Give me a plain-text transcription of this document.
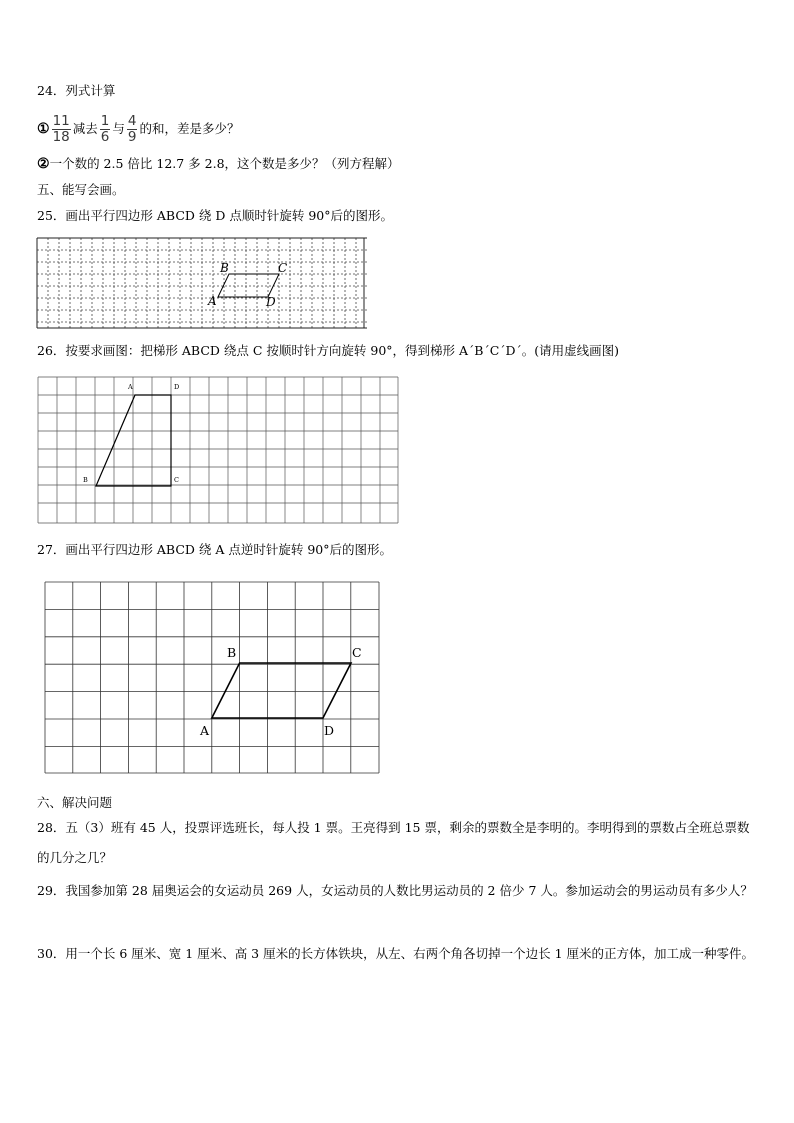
24．列式计算
① $\frac{11}{18}$ 减去 $\frac{1}{6}$ 与 $\frac{4}{9}$ 的和，差是多少？
②一个数的 2.5 倍比 12.7 多 2.8，这个数是多少？（列方程解）
五、能写会画。
25．画出平行四边形 ABCD 绕 D 点顺时针旋转 90°后的图形。
B	C
A	D
26．按要求画图：把梯形 ABCD 绕点 C 按顺时针方向旋转 90°，得到梯形 A´B´C´D´。(请用虚线画图)
A	D
B	C
27．画出平行四边形 ABCD 绕 A 点逆时针旋转 90°后的图形。
B	C
A	D
六、解决问题
28．五（3）班有 45 人，投票评选班长，每人投 1 票。王亮得到 15 票，剩余的票数全是李明的。李明得到的票数占全班总票数的几分之几？
29．我国参加第 28 届奥运会的女运动员 269 人，女运动员的人数比男运动员的 2 倍少 7 人。参加运动会的男运动员有多少人？
30．用一个长 6 厘米、宽 1 厘米、高 3 厘米的长方体铁块，从左、右两个角各切掉一个边长 1 厘米的正方体，加工成一种零件。
